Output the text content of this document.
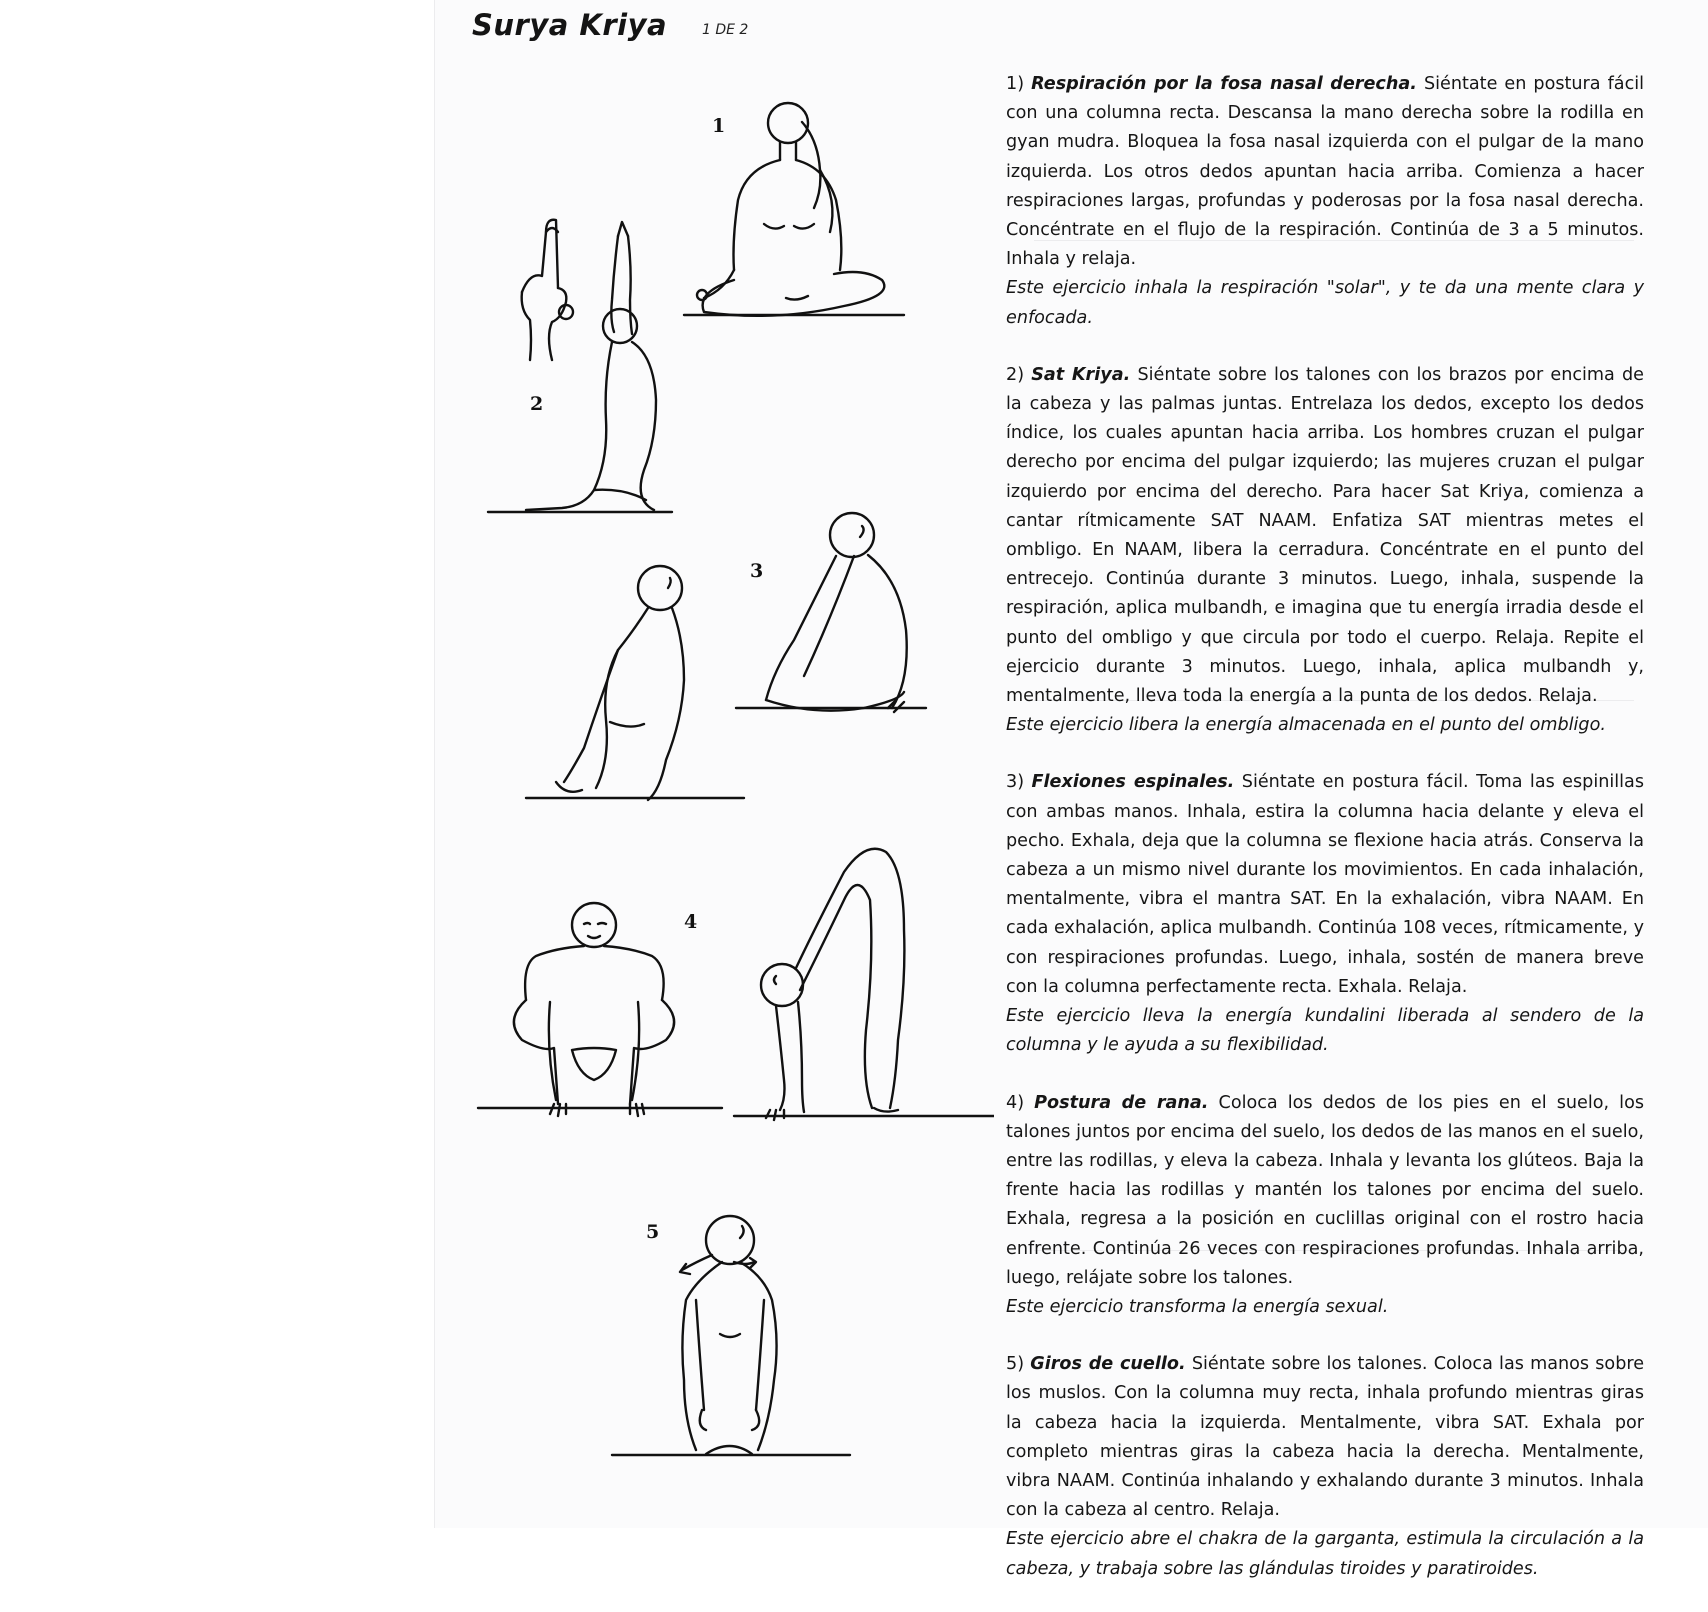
Surya Kriya 1 DE 2
1
2
3
4
5

1) Respiración por la fosa nasal derecha. Siéntate en postura fácil con una columna recta. Descansa la mano derecha sobre la rodilla en gyan mudra. Bloquea la fosa nasal izquierda con el pulgar de la mano izquierda. Los otros dedos apuntan hacia arriba. Comienza a hacer respiraciones largas, profundas y poderosas por la fosa nasal derecha. Concéntrate en el flujo de la respiración. Continúa de 3 a 5 minutos. Inhala y relaja.

Este ejercicio inhala la respiración "solar", y te da una mente clara y enfocada.

2) Sat Kriya. Siéntate sobre los talones con los brazos por encima de la cabeza y las palmas juntas. Entrelaza los dedos, excepto los dedos índice, los cuales apuntan hacia arriba. Los hombres cruzan el pulgar derecho por encima del pulgar izquierdo; las mujeres cruzan el pulgar izquierdo por encima del derecho. Para hacer Sat Kriya, comienza a cantar rítmicamente SAT NAAM. Enfatiza SAT mientras metes el ombligo. En NAAM, libera la cerradura. Concéntrate en el punto del entrecejo. Continúa durante 3 minutos. Luego, inhala, suspende la respiración, aplica mulbandh, e imagina que tu energía irradia desde el punto del ombligo y que circula por todo el cuerpo. Relaja. Repite el ejercicio durante 3 minutos. Luego, inhala, aplica mulbandh y, mentalmente, lleva toda la energía a la punta de los dedos. Relaja.

Este ejercicio libera la energía almacenada en el punto del ombligo.

3) Flexiones espinales. Siéntate en postura fácil. Toma las espinillas con ambas manos. Inhala, estira la columna hacia delante y eleva el pecho. Exhala, deja que la columna se flexione hacia atrás. Conserva la cabeza a un mismo nivel durante los movimientos. En cada inhalación, mentalmente, vibra el mantra SAT. En la exhalación, vibra NAAM. En cada exhalación, aplica mulbandh. Continúa 108 veces, rítmicamente, y con respiraciones profundas. Luego, inhala, sostén de manera breve con la columna perfectamente recta. Exhala. Relaja.

Este ejercicio lleva la energía kundalini liberada al sendero de la columna y le ayuda a su flexibilidad.

4) Postura de rana. Coloca los dedos de los pies en el suelo, los talones juntos por encima del suelo, los dedos de las manos en el suelo, entre las rodillas, y eleva la cabeza. Inhala y levanta los glúteos. Baja la frente hacia las rodillas y mantén los talones por encima del suelo. Exhala, regresa a la posición en cuclillas original con el rostro hacia enfrente. Continúa 26 veces con respiraciones profundas. Inhala arriba, luego, relájate sobre los talones.

Este ejercicio transforma la energía sexual.

5) Giros de cuello. Siéntate sobre los talones. Coloca las manos sobre los muslos. Con la columna muy recta, inhala profundo mientras giras la cabeza hacia la izquierda. Mentalmente, vibra SAT. Exhala por completo mientras giras la cabeza hacia la derecha. Mentalmente, vibra NAAM. Continúa inhalando y exhalando durante 3 minutos. Inhala con la cabeza al centro. Relaja.

Este ejercicio abre el chakra de la garganta, estimula la circulación a la cabeza, y trabaja sobre las glándulas tiroides y paratiroides.
